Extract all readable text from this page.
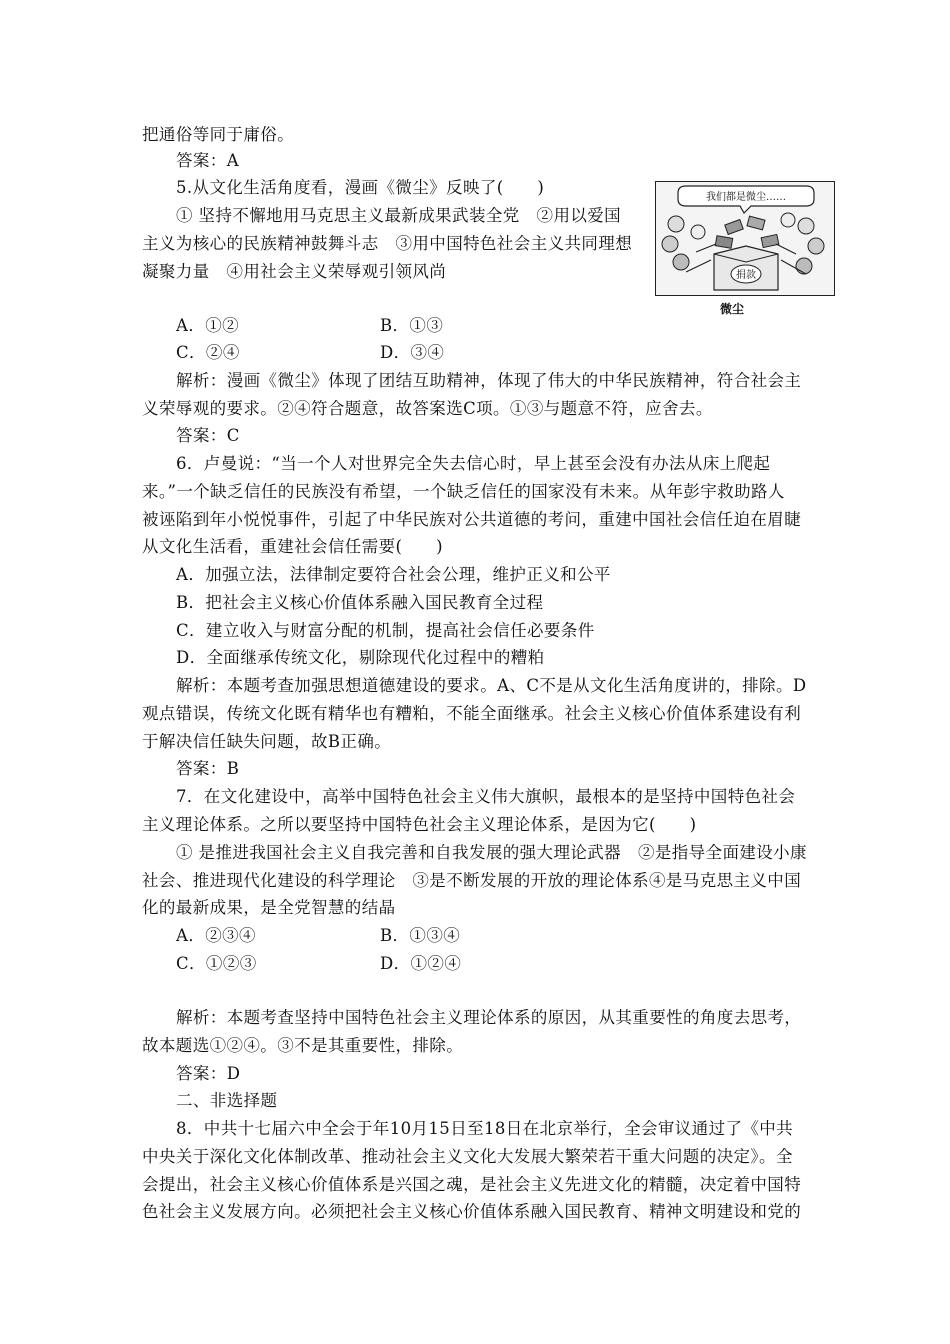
把通俗等同于庸俗。
答案：A
5.从文化生活角度看，漫画《微尘》反映了(　　)
① 坚持不懈地用马克思主义最新成果武装全党　②用以爱国
主义为核心的民族精神鼓舞斗志　③用中国特色社会主义共同理想
凝聚力量　④用社会主义荣辱观引领风尚
我们都是微尘……
捐款
微尘
A．①②	B．①③
C．②④	D．③④
解析：漫画《微尘》体现了团结互助精神，体现了伟大的中华民族精神，符合社会主
义荣辱观的要求。②④符合题意，故答案选C项。①③与题意不符，应舍去。
答案：C
6．卢曼说：“当一个人对世界完全失去信心时，早上甚至会没有办法从床上爬起
来。”一个缺乏信任的民族没有希望，一个缺乏信任的国家没有未来。从年彭宇救助路人
被诬陷到年小悦悦事件，引起了中华民族对公共道德的考问，重建中国社会信任迫在眉睫
从文化生活看，重建社会信任需要(　　)
A．加强立法，法律制定要符合社会公理，维护正义和公平
B．把社会主义核心价值体系融入国民教育全过程
C．建立收入与财富分配的机制，提高社会信任必要条件
D．全面继承传统文化，剔除现代化过程中的糟粕
解析：本题考查加强思想道德建设的要求。A、C不是从文化生活角度讲的，排除。D
观点错误，传统文化既有精华也有糟粕，不能全面继承。社会主义核心价值体系建设有利
于解决信任缺失问题，故B正确。
答案：B
7．在文化建设中，高举中国特色社会主义伟大旗帜，最根本的是坚持中国特色社会
主义理论体系。之所以要坚持中国特色社会主义理论体系，是因为它(　　)
① 是推进我国社会主义自我完善和自我发展的强大理论武器　②是指导全面建设小康
社会、推进现代化建设的科学理论　③是不断发展的开放的理论体系④是马克思主义中国
化的最新成果，是全党智慧的结晶
A．②③④	B．①③④
C．①②③	D．①②④
解析：本题考查坚持中国特色社会主义理论体系的原因，从其重要性的角度去思考，
故本题选①②④。③不是其重要性，排除。
答案：D
二、非选择题
8．中共十七届六中全会于年10月15日至18日在北京举行，全会审议通过了《中共
中央关于深化文化体制改革、推动社会主义文化大发展大繁荣若干重大问题的决定》。全
会提出，社会主义核心价值体系是兴国之魂，是社会主义先进文化的精髓，决定着中国特
色社会主义发展方向。必须把社会主义核心价值体系融入国民教育、精神文明建设和党的
